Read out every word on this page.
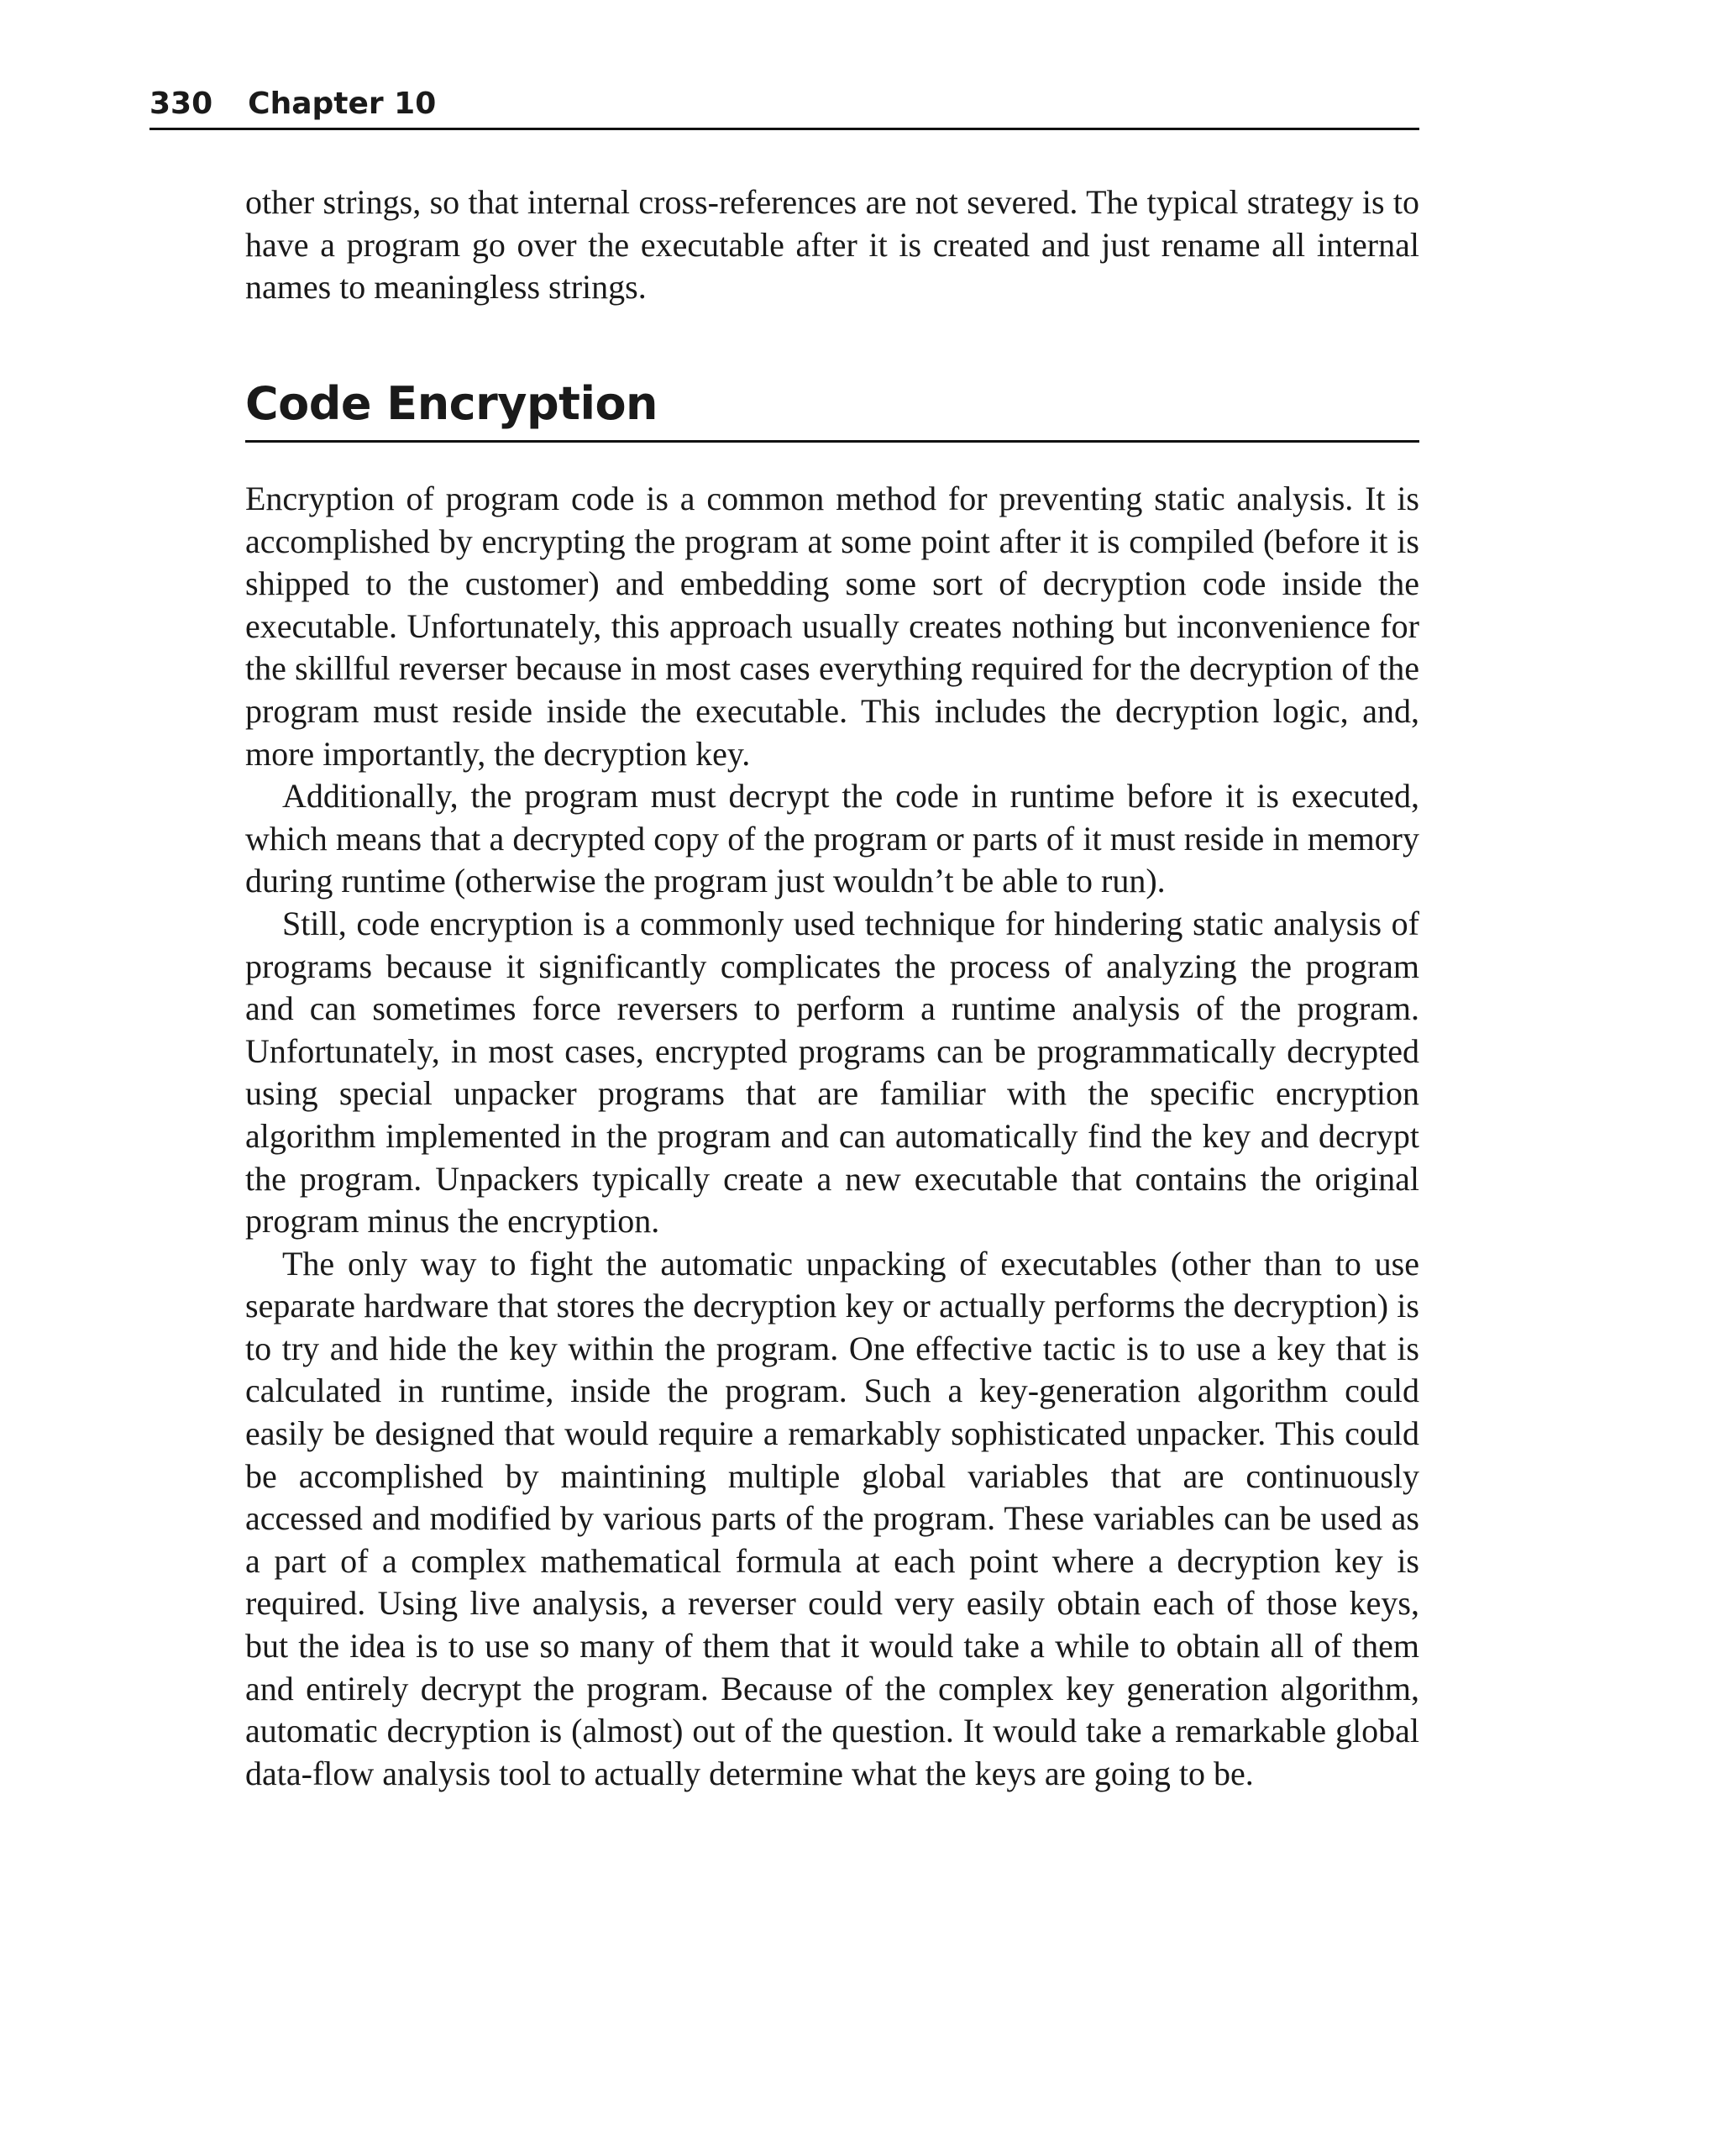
330 Chapter 10

other strings, so that internal cross-references are not severed. The typical strategy is to have a program go over the executable after it is created and just rename all internal names to meaningless strings.

Code Encryption

Encryption of program code is a common method for preventing static analysis. It is accomplished by encrypting the program at some point after it is compiled (before it is shipped to the customer) and embedding some sort of decryption code inside the executable. Unfortunately, this approach usually creates nothing but inconvenience for the skillful reverser because in most cases everything required for the decryption of the program must reside inside the executable. This includes the decryption logic, and, more importantly, the decryption key.

Additionally, the program must decrypt the code in runtime before it is executed, which means that a decrypted copy of the program or parts of it must reside in memory during runtime (otherwise the program just wouldn’t be able to run).

Still, code encryption is a commonly used technique for hindering static analysis of programs because it significantly complicates the process of analyzing the program and can sometimes force reversers to perform a runtime analysis of the program. Unfortunately, in most cases, encrypted programs can be programmatically decrypted using special unpacker programs that are familiar with the specific encryption algorithm implemented in the program and can automatically find the key and decrypt the program. Unpackers typically create a new executable that contains the original program minus the encryption.

The only way to fight the automatic unpacking of executables (other than to use separate hardware that stores the decryption key or actually performs the decryption) is to try and hide the key within the program. One effective tactic is to use a key that is calculated in runtime, inside the program. Such a key-generation algorithm could easily be designed that would require a remarkably sophisticated unpacker. This could be accomplished by maintining multiple global variables that are continuously accessed and modified by various parts of the program. These variables can be used as a part of a complex mathematical formula at each point where a decryption key is required. Using live analysis, a reverser could very easily obtain each of those keys, but the idea is to use so many of them that it would take a while to obtain all of them and entirely decrypt the program. Because of the complex key generation algorithm, automatic decryption is (almost) out of the question. It would take a remarkable global data-flow analysis tool to actually determine what the keys are going to be.
